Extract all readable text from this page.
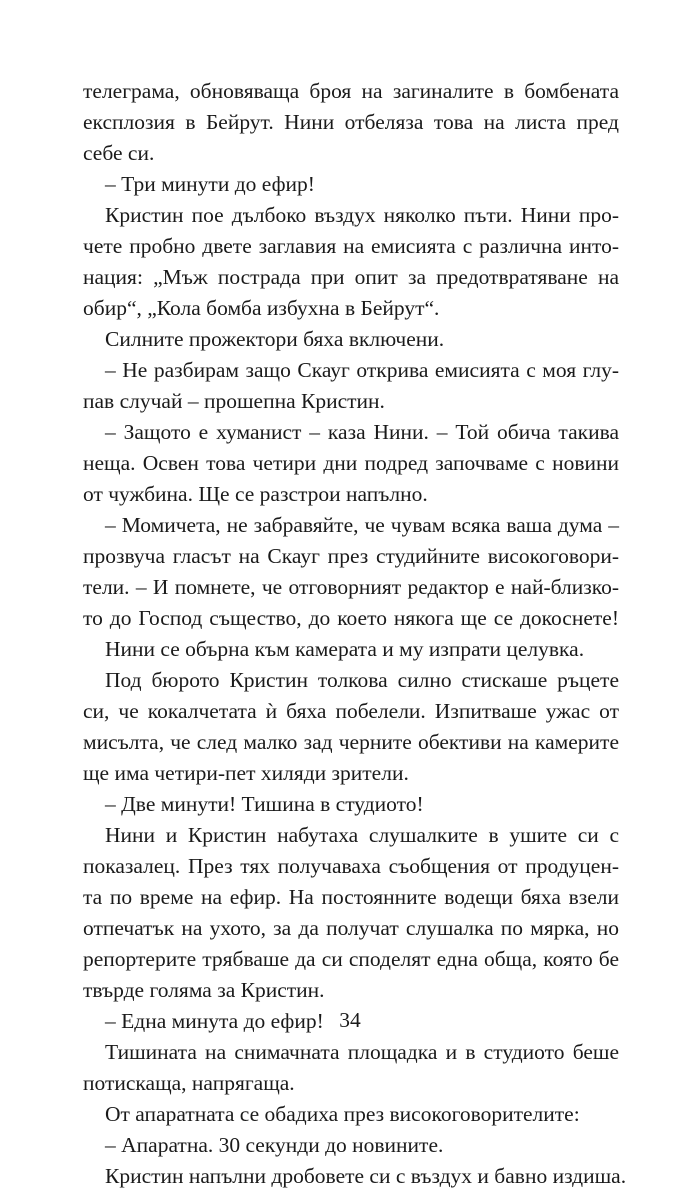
телеграма, обновяваща броя на загиналите в бомбената
експлозия в Бейрут. Нини отбеляза това на листа пред
себе си.
– Три минути до ефир!
Кристин пое дълбоко въздух няколко пъти. Нини про-
чете пробно двете заглавия на емисията с различна инто-
нация: „Мъж пострада при опит за предотвратяване на
обир“, „Кола бомба избухна в Бейрут“.
Силните прожектори бяха включени.
– Не разбирам защо Скауг открива емисията с моя глу-
пав случай – прошепна Кристин.
– Защото е хуманист – каза Нини. – Той обича такива
неща. Освен това четири дни подред започваме с новини
от чужбина. Ще се разстрои напълно.
– Момичета, не забравяйте, че чувам всяка ваша дума –
прозвуча гласът на Скауг през студийните високоговори-
тели. – И помнете, че отговорният редактор е най-близко-
то до Господ същество, до което някога ще се докоснете!
Нини се обърна към камерата и му изпрати целувка.
Под бюрото Кристин толкова силно стискаше ръцете
си, че кокалчетата ѝ бяха побелели. Изпитваше ужас от
мисълта, че след малко зад черните обективи на камерите
ще има четири-пет хиляди зрители.
– Две минути! Тишина в студиото!
Нини и Кристин набутаха слушалките в ушите си с
показалец. През тях получаваха съобщения от продуцен-
та по време на ефир. На постоянните водещи бяха взели
отпечатък на ухото, за да получат слушалка по мярка, но
репортерите трябваше да си споделят една обща, която бе
твърде голяма за Кристин.
– Една минута до ефир!
Тишината на снимачната площадка и в студиото беше
потискаща, напрягаща.
От апаратната се обадиха през високоговорителите:
– Апаратна. 30 секунди до новините.
Кристин напълни дробовете си с въздух и бавно издиша.
34
